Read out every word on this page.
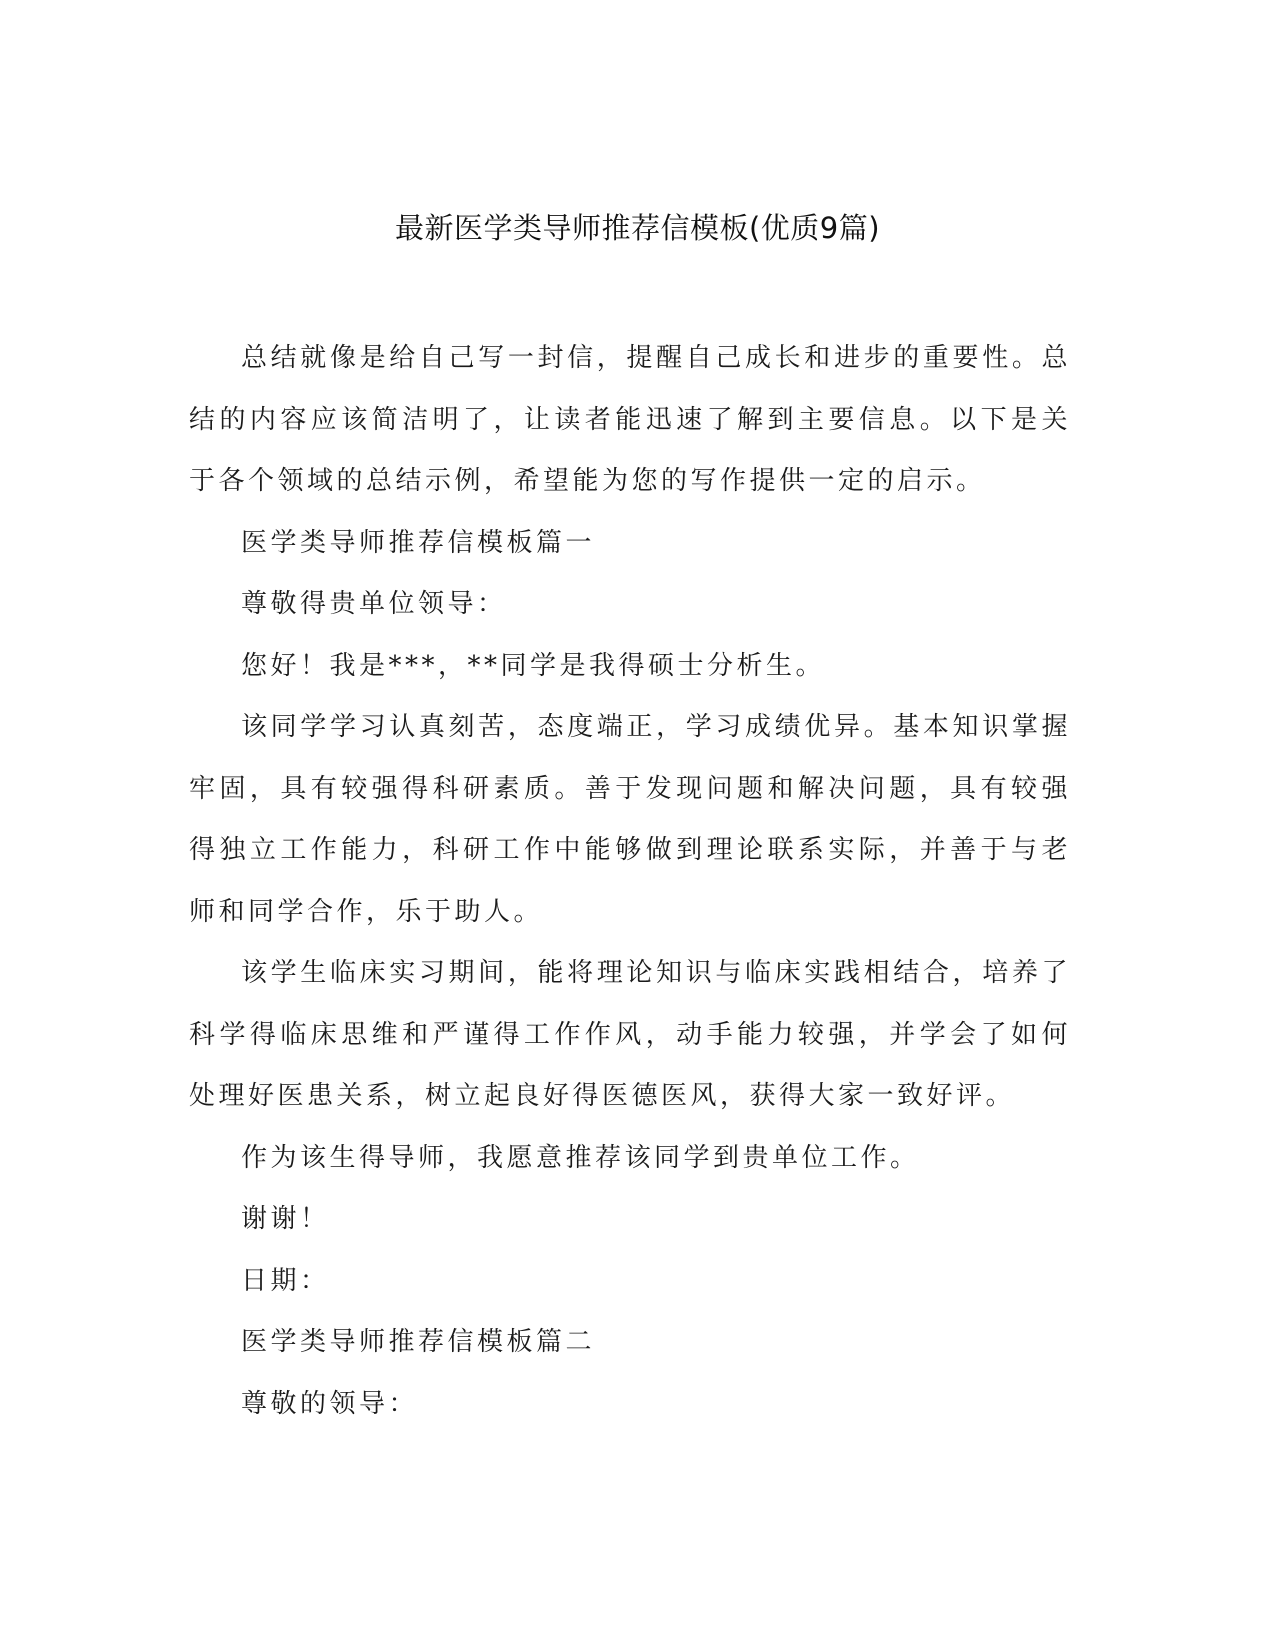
最新医学类导师推荐信模板(优质9篇)

总结就像是给自己写一封信，提醒自己成长和进步的重要性。总结的内容应该简洁明了，让读者能迅速了解到主要信息。以下是关于各个领域的总结示例，希望能为您的写作提供一定的启示。

医学类导师推荐信模板篇一

尊敬得贵单位领导：

您好！我是***，**同学是我得硕士分析生。

该同学学习认真刻苦，态度端正，学习成绩优异。基本知识掌握牢固，具有较强得科研素质。善于发现问题和解决问题，具有较强得独立工作能力，科研工作中能够做到理论联系实际，并善于与老师和同学合作，乐于助人。

该学生临床实习期间，能将理论知识与临床实践相结合，培养了科学得临床思维和严谨得工作作风，动手能力较强，并学会了如何处理好医患关系，树立起良好得医德医风，获得大家一致好评。

作为该生得导师，我愿意推荐该同学到贵单位工作。

谢谢！

日期：

医学类导师推荐信模板篇二

尊敬的领导：
